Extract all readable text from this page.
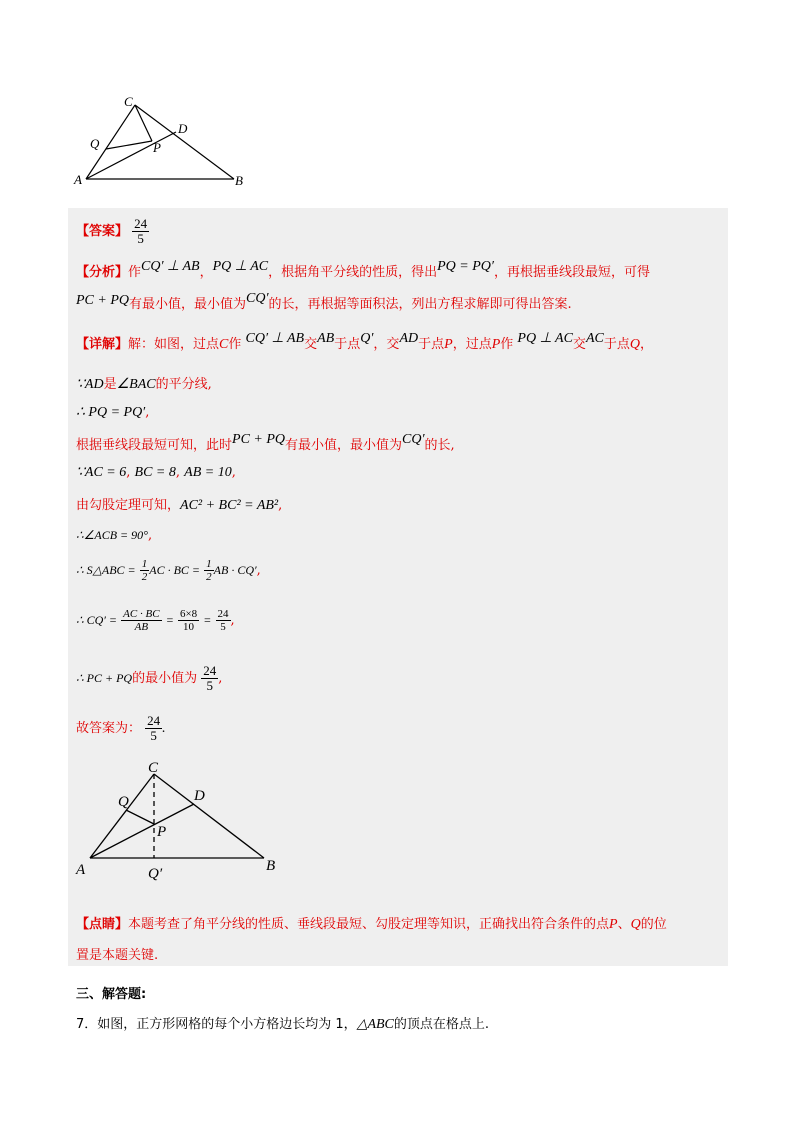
C
D
Q	P
A	B
【答案】 $\frac{24}{5}$
【分析】作CQ′ ⊥ AB，PQ ⊥ AC，根据角平分线的性质，得出PQ = PQ′，再根据垂线段最短，可得
PC + PQ有最小值，最小值为CQ′的长，再根据等面积法，列出方程求解即可得出答案.
【详解】解：如图，过点C作 CQ′ ⊥ AB交AB于点Q′，交AD于点P，过点P作 PQ ⊥ AC交AC于点Q，
∵AD是∠BAC的平分线,
∴ PQ = PQ′,
根据垂线段最短可知，此时PC + PQ有最小值，最小值为CQ′的长,
∵AC = 6, BC = 8, AB = 10,
由勾股定理可知，AC² + BC² = AB²,
∴∠ACB = 90°,
∴ S△ABC = $\frac{1}{2}$ AC · BC = $\frac{1}{2}$ AB · CQ′,
∴ $CQ' = \frac{AC \cdot BC}{AB} = \frac{6\times 8}{10} = \frac{24}{5}$ ,
∴ PC + PQ的最小值为 $\frac{24}{5}$ ,
故答案为： $\frac{24}{5}$ .
C
D
Q
P
A	B
Q′
【点睛】本题考查了角平分线的性质、垂线段最短、勾股定理等知识，正确找出符合条件的点P、Q的位
置是本题关键.
三、解答题:
7．如图，正方形网格的每个小方格边长均为 1，△ABC的顶点在格点上.
